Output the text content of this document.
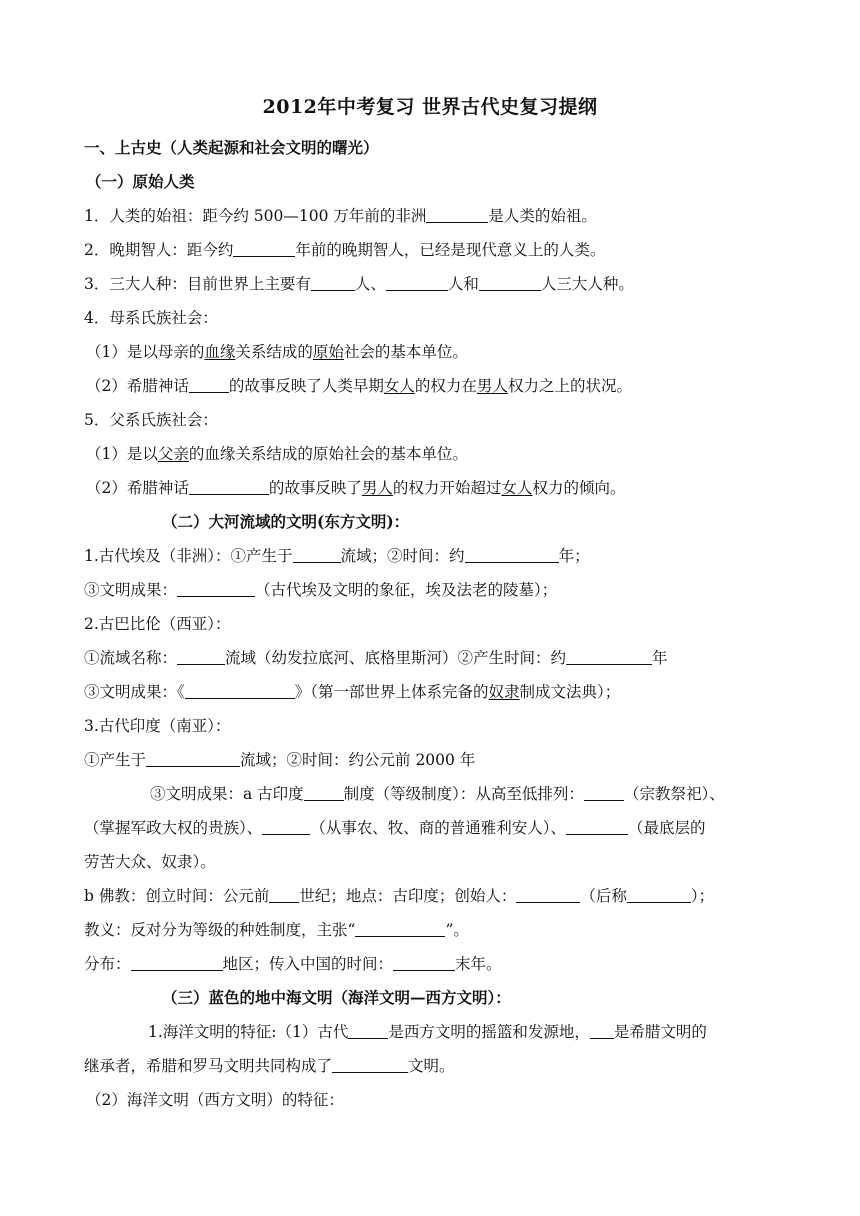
2012年中考复习 世界古代史复习提纲
一、上古史（人类起源和社会文明的曙光）
（一）原始人类
1．人类的始祖：距今约 500—100 万年前的非洲	是人类的始祖。
2．晚期智人：距今约	年前的晚期智人，已经是现代意义上的人类。
3．三大人种：目前世界上主要有	人、	人和	人三大人种。
4．母系氏族社会：
（1）是以母亲的血缘关系结成的原始社会的基本单位。
（2）希腊神话	的故事反映了人类早期女人的权力在男人权力之上的状况。
5．父系氏族社会：
（1）是以父亲的血缘关系结成的原始社会的基本单位。
（2）希腊神话	的故事反映了男人的权力开始超过女人权力的倾向。
（二）大河流域的文明(东方文明)：
1.古代埃及（非洲）：①产生于	流域；②时间：约	年；
③文明成果：	（古代埃及文明的象征，埃及法老的陵墓）；
2.古巴比伦（西亚）：
①流域名称：	流域（幼发拉底河、底格里斯河）②产生时间：约	年
③文明成果：《	》（第一部世界上体系完备的奴隶制成文法典）；
3.古代印度（南亚）：
①产生于	流域；②时间：约公元前 2000 年
③文明成果：a 古印度	制度（等级制度）：从高至低排列：	（宗教祭祀）、
（掌握军政大权的贵族）、	（从事农、牧、商的普通雅利安人）、	（最底层的
劳苦大众、奴隶）。
b 佛教：创立时间：公元前 世纪；地点：古印度；创始人：	（后称	）；
教义：反对分为等级的种姓制度，主张“	”。
分布：	地区；传入中国的时间：	末年。
（三）蓝色的地中海文明（海洋文明—西方文明）：
1.海洋文明的特征:（1）古代	是西方文明的摇篮和发源地， 是希腊文明的
继承者，希腊和罗马文明共同构成了	文明。
（2）海洋文明（西方文明）的特征：
